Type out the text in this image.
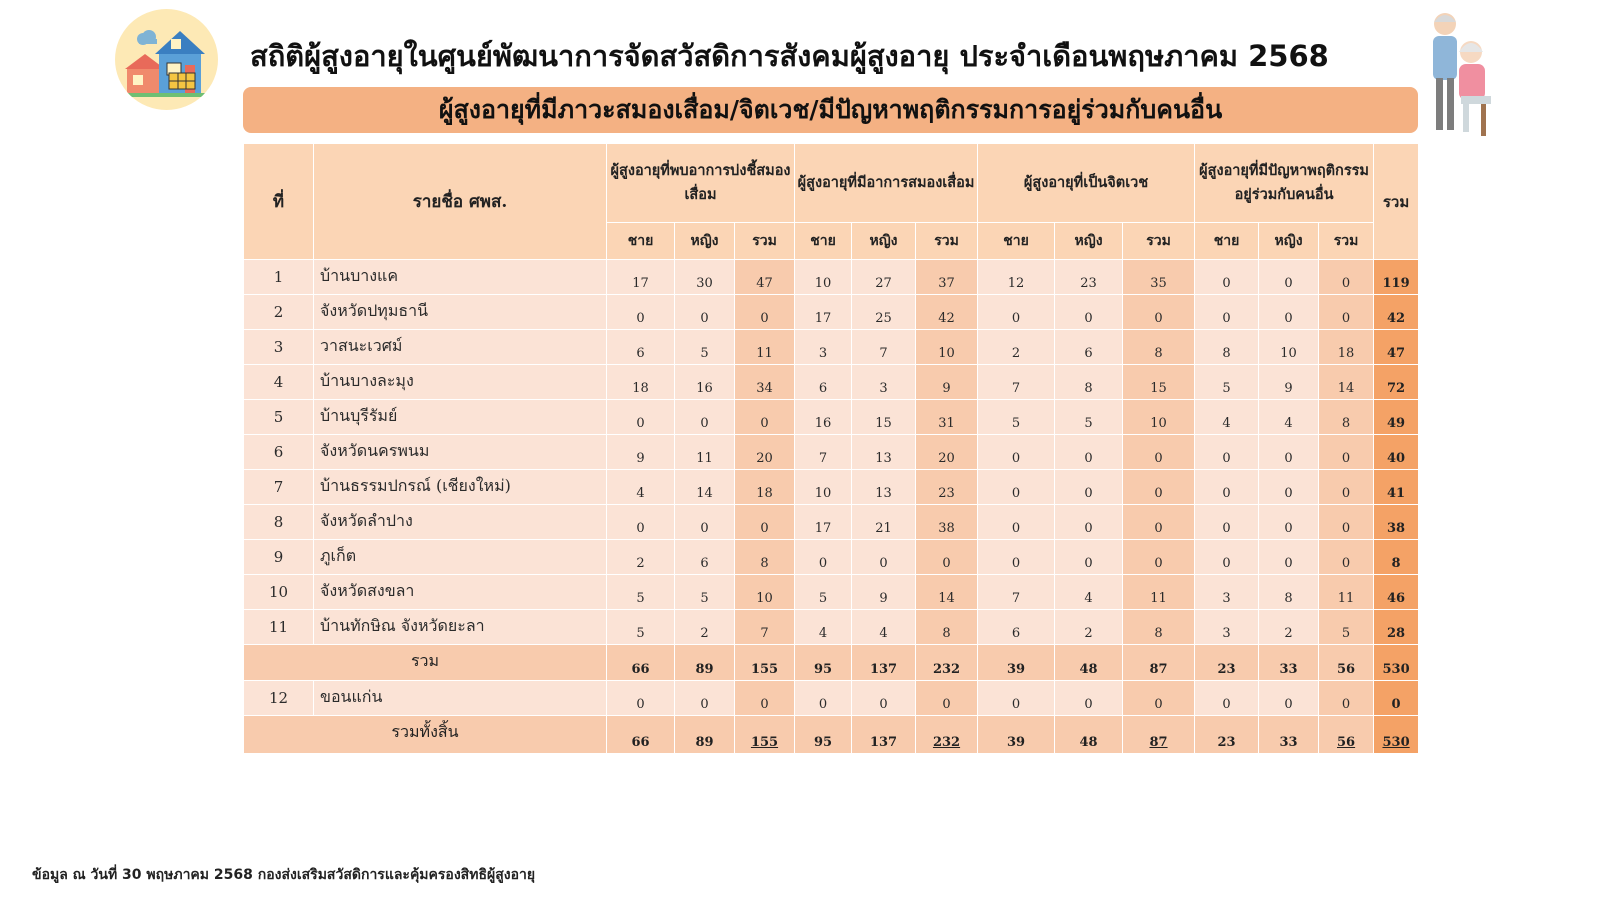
สถิติผู้สูงอายุในศูนย์พัฒนาการจัดสวัสดิการสังคมผู้สูงอายุ ประจำเดือนพฤษภาคม 2568
ผู้สูงอายุที่มีภาวะสมองเสื่อม/จิตเวช/มีปัญหาพฤติกรรมการอยู่ร่วมกับคนอื่น
ที่	รายชื่อ ศพส.	ผู้สูงอายุที่พบอาการบ่งชี้สมองเสื่อม			ผู้สูงอายุที่มีอาการสมองเสื่อม			ผู้สูงอายุที่เป็นจิตเวช			ผู้สูงอายุที่มีปัญหาพฤติกรรมอยู่ร่วมกับคนอื่น			รวม
		ชาย	หญิง	รวม	ชาย	หญิง	รวม	ชาย	หญิง	รวม	ชาย	หญิง	รวม	
1	บ้านบางแค	17	30	47	10	27	37	12	23	35	0	0	0	119
2	จังหวัดปทุมธานี	0	0	0	17	25	42	0	0	0	0	0	0	42
3	วาสนะเวศม์	6	5	11	3	7	10	2	6	8	8	10	18	47
4	บ้านบางละมุง	18	16	34	6	3	9	7	8	15	5	9	14	72
5	บ้านบุรีรัมย์	0	0	0	16	15	31	5	5	10	4	4	8	49
6	จังหวัดนครพนม	9	11	20	7	13	20	0	0	0	0	0	0	40
7	บ้านธรรมปกรณ์ (เชียงใหม่)	4	14	18	10	13	23	0	0	0	0	0	0	41
8	จังหวัดลำปาง	0	0	0	17	21	38	0	0	0	0	0	0	38
9	ภูเก็ต	2	6	8	0	0	0	0	0	0	0	0	0	8
10	จังหวัดสงขลา	5	5	10	5	9	14	7	4	11	3	8	11	46
11	บ้านทักษิณ จังหวัดยะลา	5	2	7	4	4	8	6	2	8	3	2	5	28
รวม		66	89	155	95	137	232	39	48	87	23	33	56	530
12	ขอนแก่น	0	0	0	0	0	0	0	0	0	0	0	0	0
รวมทั้งสิ้น		66	89	155	95	137	232	39	48	87	23	33	56	530
ข้อมูล ณ วันที่ 30 พฤษภาคม 2568 กองส่งเสริมสวัสดิการและคุ้มครองสิทธิผู้สูงอายุ
